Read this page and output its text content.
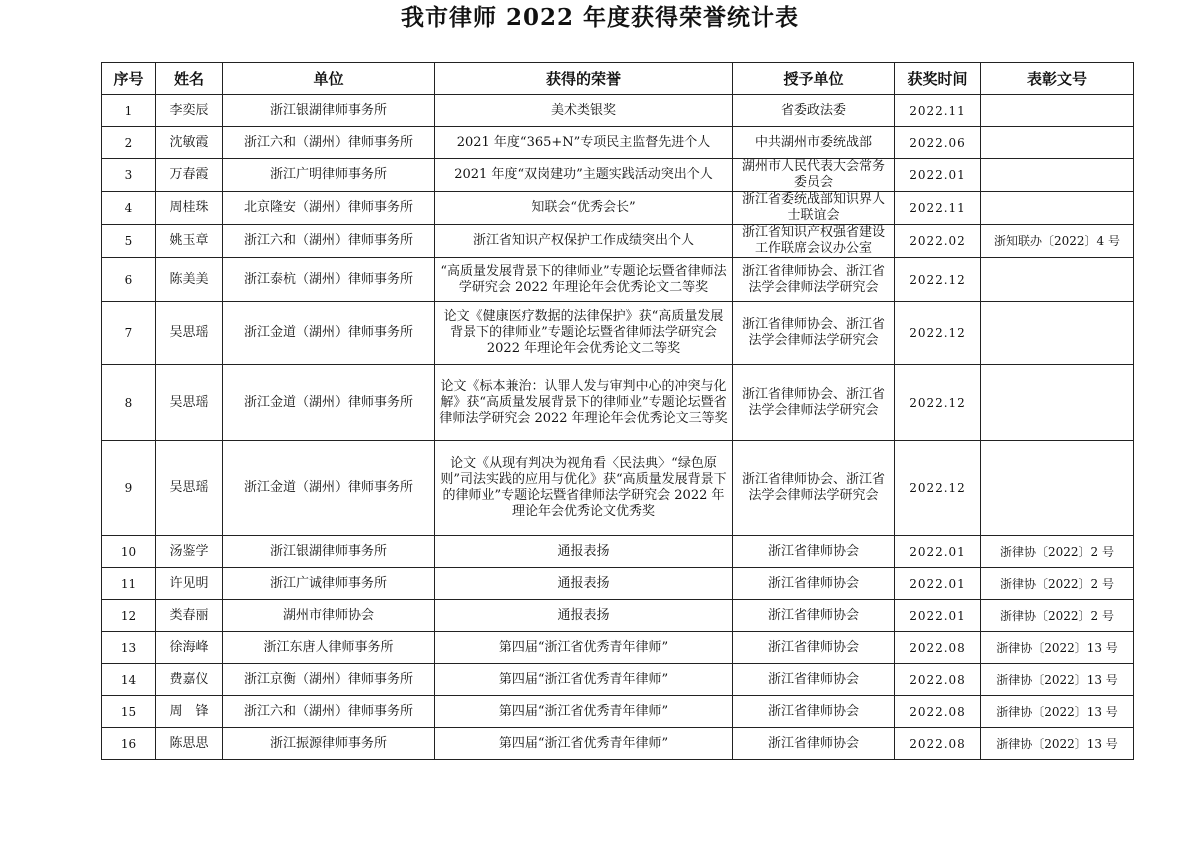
我市律师 2022 年度获得荣誉统计表
序号	姓名	单位	获得的荣誉	授予单位	获奖时间	表彰文号
1	李奕辰	浙江银湖律师事务所	美术类银奖	省委政法委	2022.11	
2	沈敏霞	浙江六和（湖州）律师事务所	2021 年度“365+N”专项民主监督先进个人	中共湖州市委统战部	2022.06	
3	万春霞	浙江广明律师事务所	2021 年度“双岗建功”主题实践活动突出个人	湖州市人民代表大会常务委员会	2022.01	
4	周桂珠	北京隆安（湖州）律师事务所	知联会“优秀会长”	浙江省委统战部知识界人士联谊会	2022.11	
5	姚玉章	浙江六和（湖州）律师事务所	浙江省知识产权保护工作成绩突出个人	浙江省知识产权强省建设工作联席会议办公室	2022.02	浙知联办〔2022〕4 号
6	陈美美	浙江泰杭（湖州）律师事务所	“高质量发展背景下的律师业”专题论坛暨省律师法学研究会 2022 年理论年会优秀论文二等奖	浙江省律师协会、浙江省法学会律师法学研究会	2022.12	
7	吴思瑶	浙江金道（湖州）律师事务所	论文《健康医疗数据的法律保护》获“高质量发展背景下的律师业”专题论坛暨省律师法学研究会 2022 年理论年会优秀论文二等奖	浙江省律师协会、浙江省法学会律师法学研究会	2022.12	
8	吴思瑶	浙江金道（湖州）律师事务所	论文《标本兼治：认罪人发与审判中心的冲突与化解》获“高质量发展背景下的律师业”专题论坛暨省律师法学研究会 2022 年理论年会优秀论文三等奖	浙江省律师协会、浙江省法学会律师法学研究会	2022.12	
9	吴思瑶	浙江金道（湖州）律师事务所	论文《从现有判决为视角看〈民法典〉“绿色原则”司法实践的应用与优化》获“高质量发展背景下的律师业”专题论坛暨省律师法学研究会 2022 年理论年会优秀论文优秀奖	浙江省律师协会、浙江省法学会律师法学研究会	2022.12	
10	汤鉴学	浙江银湖律师事务所	通报表扬	浙江省律师协会	2022.01	浙律协〔2022〕2 号
11	许见明	浙江广诚律师事务所	通报表扬	浙江省律师协会	2022.01	浙律协〔2022〕2 号
12	类春丽	湖州市律师协会	通报表扬	浙江省律师协会	2022.01	浙律协〔2022〕2 号
13	徐海峰	浙江东唐人律师事务所	第四届“浙江省优秀青年律师”	浙江省律师协会	2022.08	浙律协〔2022〕13 号
14	费嘉仪	浙江京衡（湖州）律师事务所	第四届“浙江省优秀青年律师”	浙江省律师协会	2022.08	浙律协〔2022〕13 号
15	周　锋	浙江六和（湖州）律师事务所	第四届“浙江省优秀青年律师”	浙江省律师协会	2022.08	浙律协〔2022〕13 号
16	陈思思	浙江振源律师事务所	第四届“浙江省优秀青年律师”	浙江省律师协会	2022.08	浙律协〔2022〕13 号
